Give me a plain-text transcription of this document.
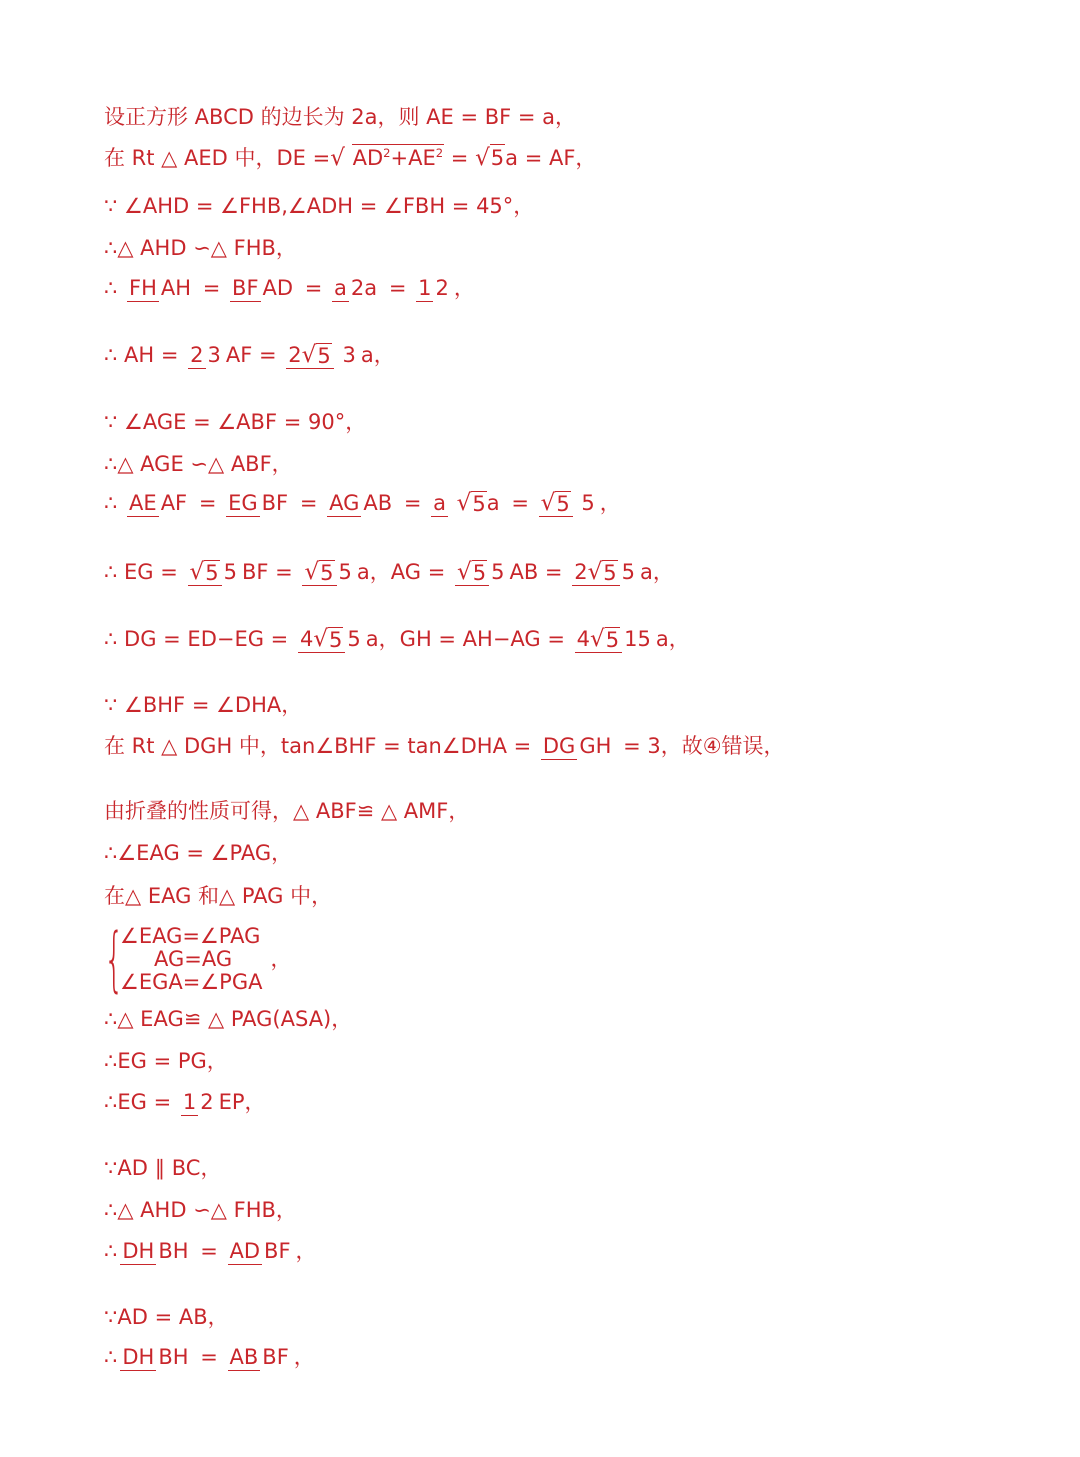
设正方形 ABCD 的边长为 2a，则 AE = BF = a，
在 Rt △ AED 中，DE = √ $AD^2+AE^2 = √5$ a = AF，
∵ ∠AHD = ∠FHB,∠ADH = ∠FBH = 45°，
∴△ AHD ∽△ FHB，
∴ FH AH = BF AD = a 2a = 1 2 ，
∴ AH = 2 3 AF = 2 √ 5 3 a，
∵ ∠AGE = ∠ABF = 90°，
∴△ AGE ∽△ ABF，
∴ AE AF = EG BF = AG AB = a √ 5 a = √ 5 5 ，
∴ EG = √ 5 5 BF = √ 5 5 a，AG = √ 5 5 AB = 2 √ 5 5 a，
∴ DG = ED−EG = 4 √ 5 5 a，GH = AH−AG = 4 √ 5 15 a，
∵ ∠BHF = ∠DHA，
在 Rt △ DGH 中，tan∠BHF = tan∠DHA = DG GH = 3，故④错误，
由折叠的性质可得，△ ABF≌ △ AMF，
∴∠EAG = ∠PAG，
在△ EAG 和△ PAG 中，
{
∠EAG=∠PAG
AG=AG
∠EGA=∠PGA
，
∴△ EAG≌ △ PAG(ASA)，
∴EG = PG，
∴EG = 1 2 EP，
∵AD ∥ BC，
∴△ AHD ∽△ FHB，
∴ DH BH = AD BF ，
∵AD = AB，
∴ DH BH = AB BF ，
